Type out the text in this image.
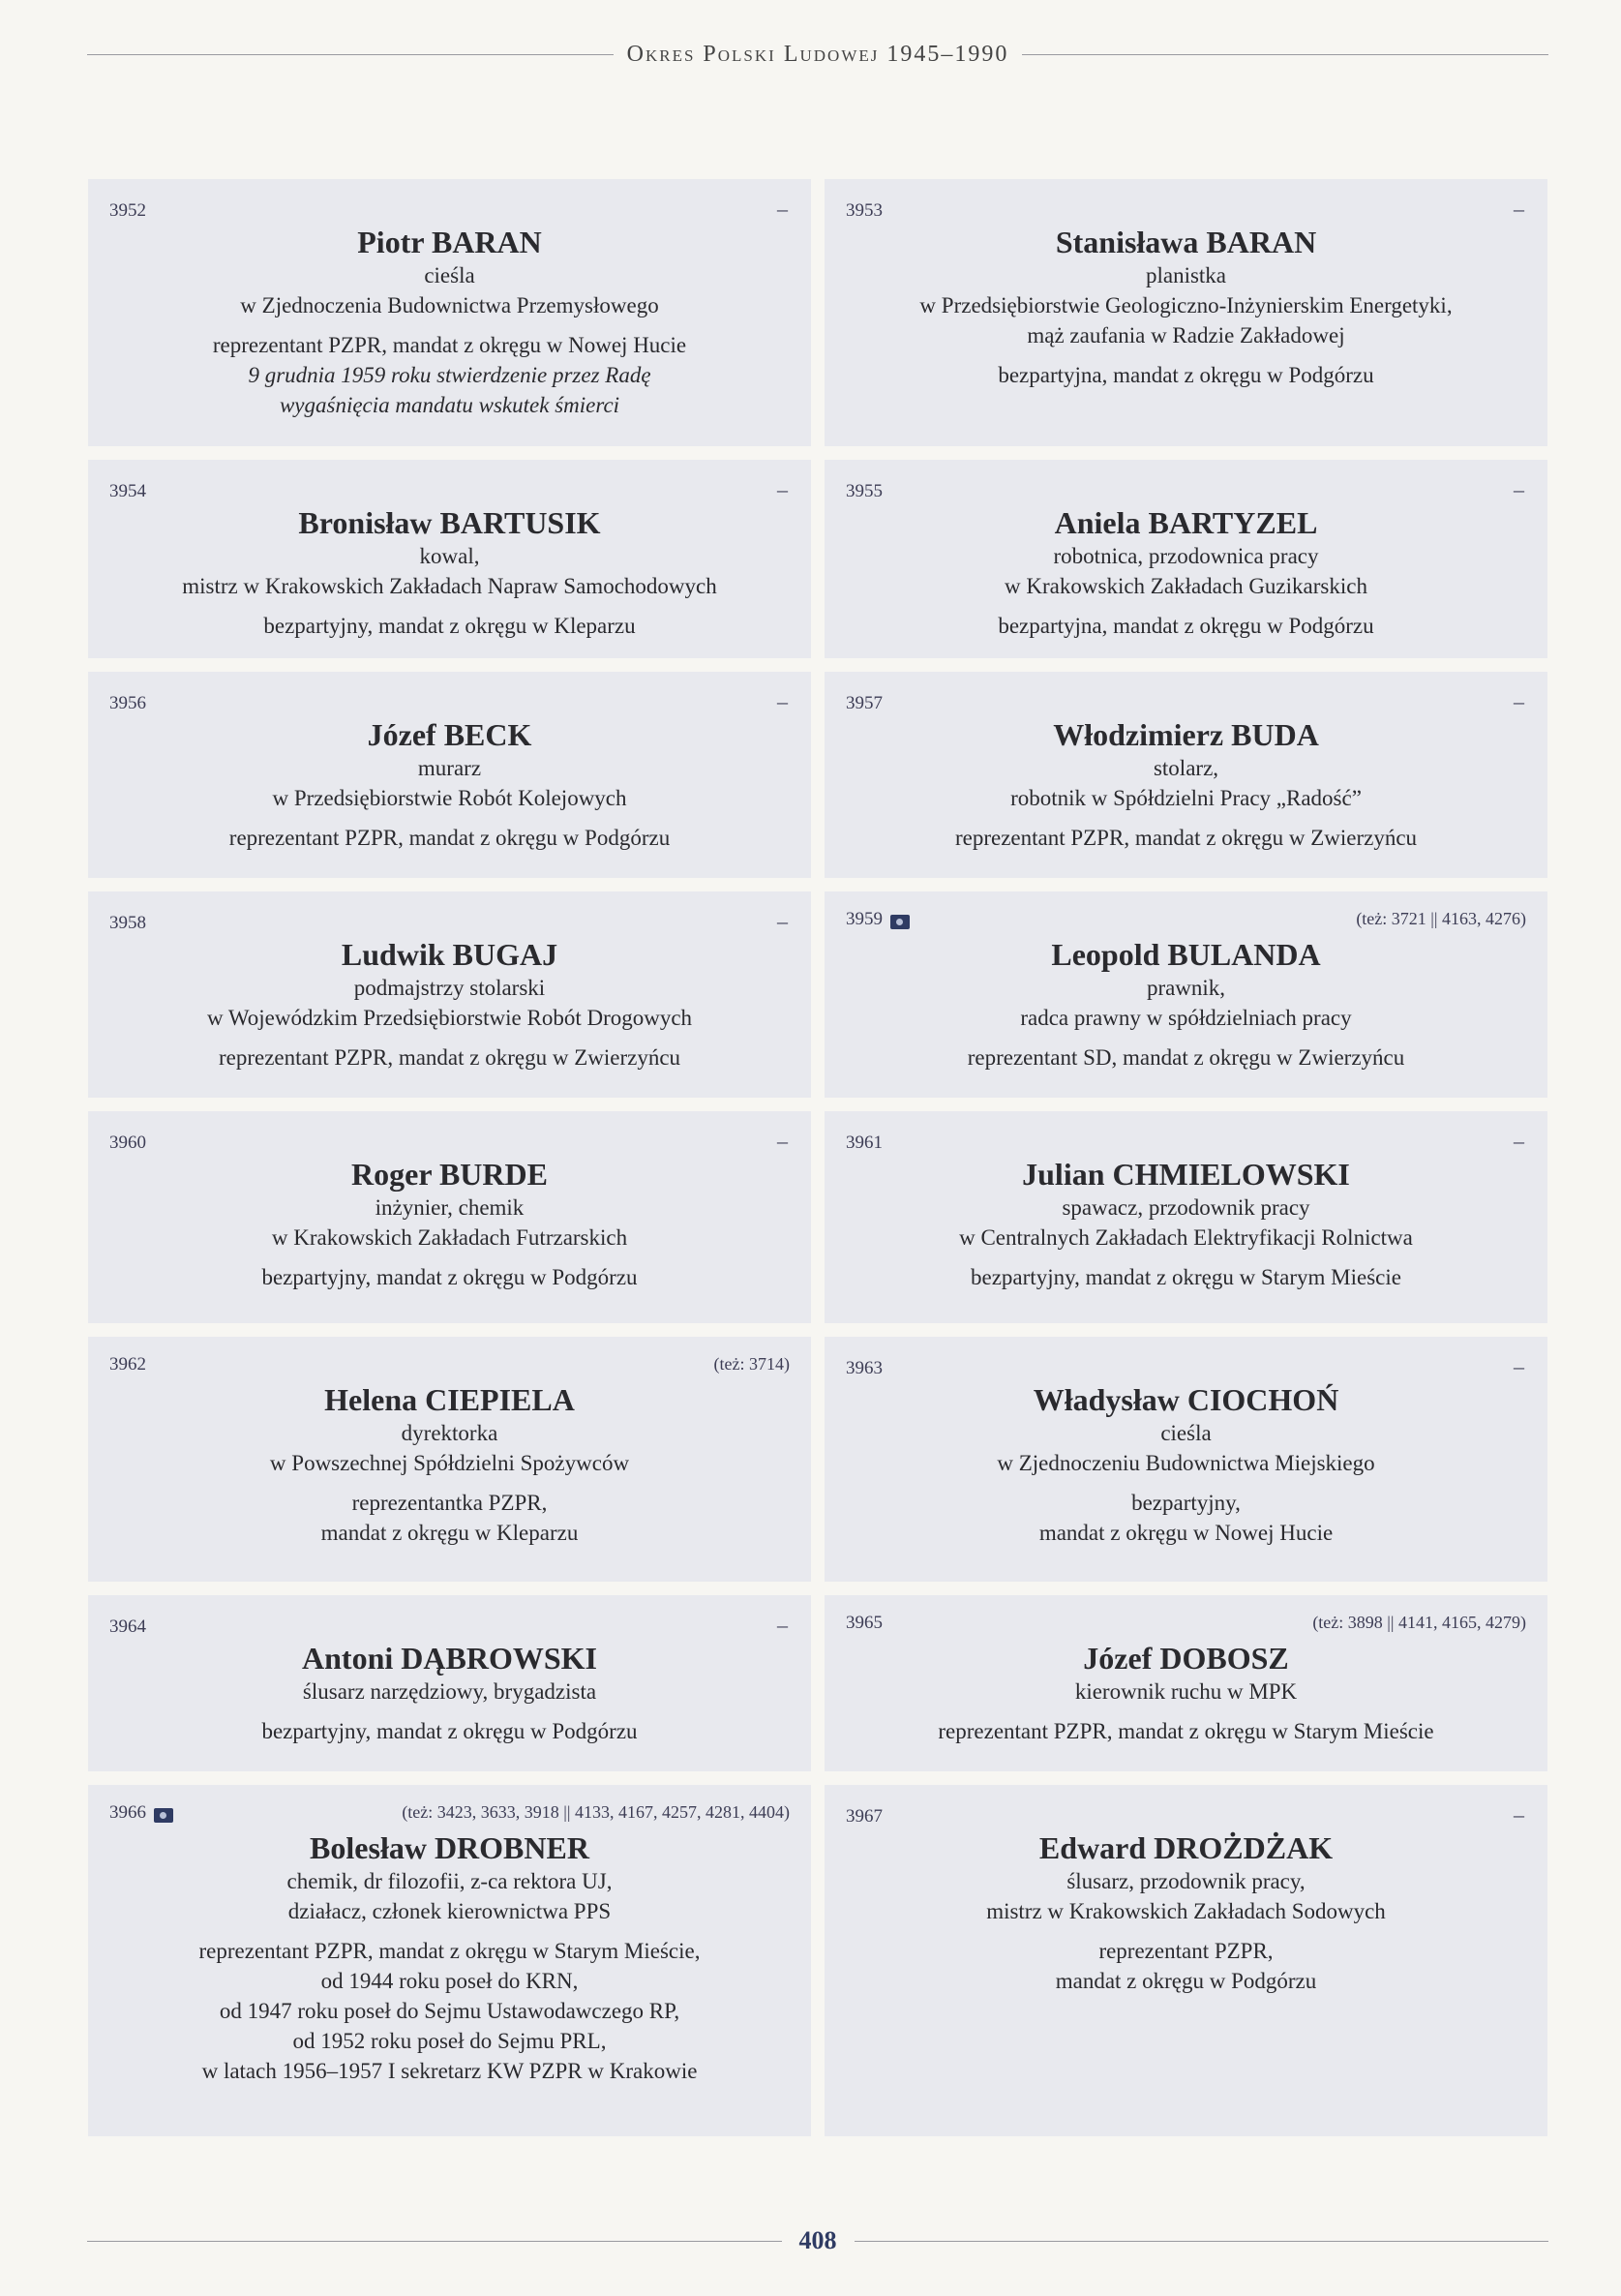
Okres Polski Ludowej 1945–1990
3952	–
Piotr BARAN
cieśla
w Zjednoczenia Budownictwa Przemysłowego
reprezentant PZPR, mandat z okręgu w Nowej Hucie
9 grudnia 1959 roku stwierdzenie przez Radę
wygaśnięcia mandatu wskutek śmierci
3953	–
Stanisława BARAN
planistka
w Przedsiębiorstwie Geologiczno-Inżynierskim Energetyki,
mąż zaufania w Radzie Zakładowej
bezpartyjna, mandat z okręgu w Podgórzu
3954	–
Bronisław BARTUSIK
kowal,
mistrz w Krakowskich Zakładach Napraw Samochodowych
bezpartyjny, mandat z okręgu w Kleparzu
3955	–
Aniela BARTYZEL
robotnica, przodownica pracy
w Krakowskich Zakładach Guzikarskich
bezpartyjna, mandat z okręgu w Podgórzu
3956	–
Józef BECK
murarz
w Przedsiębiorstwie Robót Kolejowych
reprezentant PZPR, mandat z okręgu w Podgórzu
3957	–
Włodzimierz BUDA
stolarz,
robotnik w Spółdzielni Pracy „Radość”
reprezentant PZPR, mandat z okręgu w Zwierzyńcu
3958	–
Ludwik BUGAJ
podmajstrzy stolarski
w Wojewódzkim Przedsiębiorstwie Robót Drogowych
reprezentant PZPR, mandat z okręgu w Zwierzyńcu
3959	(też: 3721 || 4163, 4276)
Leopold BULANDA
prawnik,
radca prawny w spółdzielniach pracy
reprezentant SD, mandat z okręgu w Zwierzyńcu
3960	–
Roger BURDE
inżynier, chemik
w Krakowskich Zakładach Futrzarskich
bezpartyjny, mandat z okręgu w Podgórzu
3961	–
Julian CHMIELOWSKI
spawacz, przodownik pracy
w Centralnych Zakładach Elektryfikacji Rolnictwa
bezpartyjny, mandat z okręgu w Starym Mieście
3962	(też: 3714)
Helena CIEPIELA
dyrektorka
w Powszechnej Spółdzielni Spożywców
reprezentantka PZPR,
mandat z okręgu w Kleparzu
3963	–
Władysław CIOCHOŃ
cieśla
w Zjednoczeniu Budownictwa Miejskiego
bezpartyjny,
mandat z okręgu w Nowej Hucie
3964	–
Antoni DĄBROWSKI
ślusarz narzędziowy, brygadzista
bezpartyjny, mandat z okręgu w Podgórzu
3965	(też: 3898 || 4141, 4165, 4279)
Józef DOBOSZ
kierownik ruchu w MPK
reprezentant PZPR, mandat z okręgu w Starym Mieście
3966	(też: 3423, 3633, 3918 || 4133, 4167, 4257, 4281, 4404)
Bolesław DROBNER
chemik, dr filozofii, z-ca rektora UJ,
działacz, członek kierownictwa PPS
reprezentant PZPR, mandat z okręgu w Starym Mieście,
od 1944 roku poseł do KRN,
od 1947 roku poseł do Sejmu Ustawodawczego RP,
od 1952 roku poseł do Sejmu PRL,
w latach 1956–1957 I sekretarz KW PZPR w Krakowie
3967	–
Edward DROŻDŻAK
ślusarz, przodownik pracy,
mistrz w Krakowskich Zakładach Sodowych
reprezentant PZPR,
mandat z okręgu w Podgórzu
408
